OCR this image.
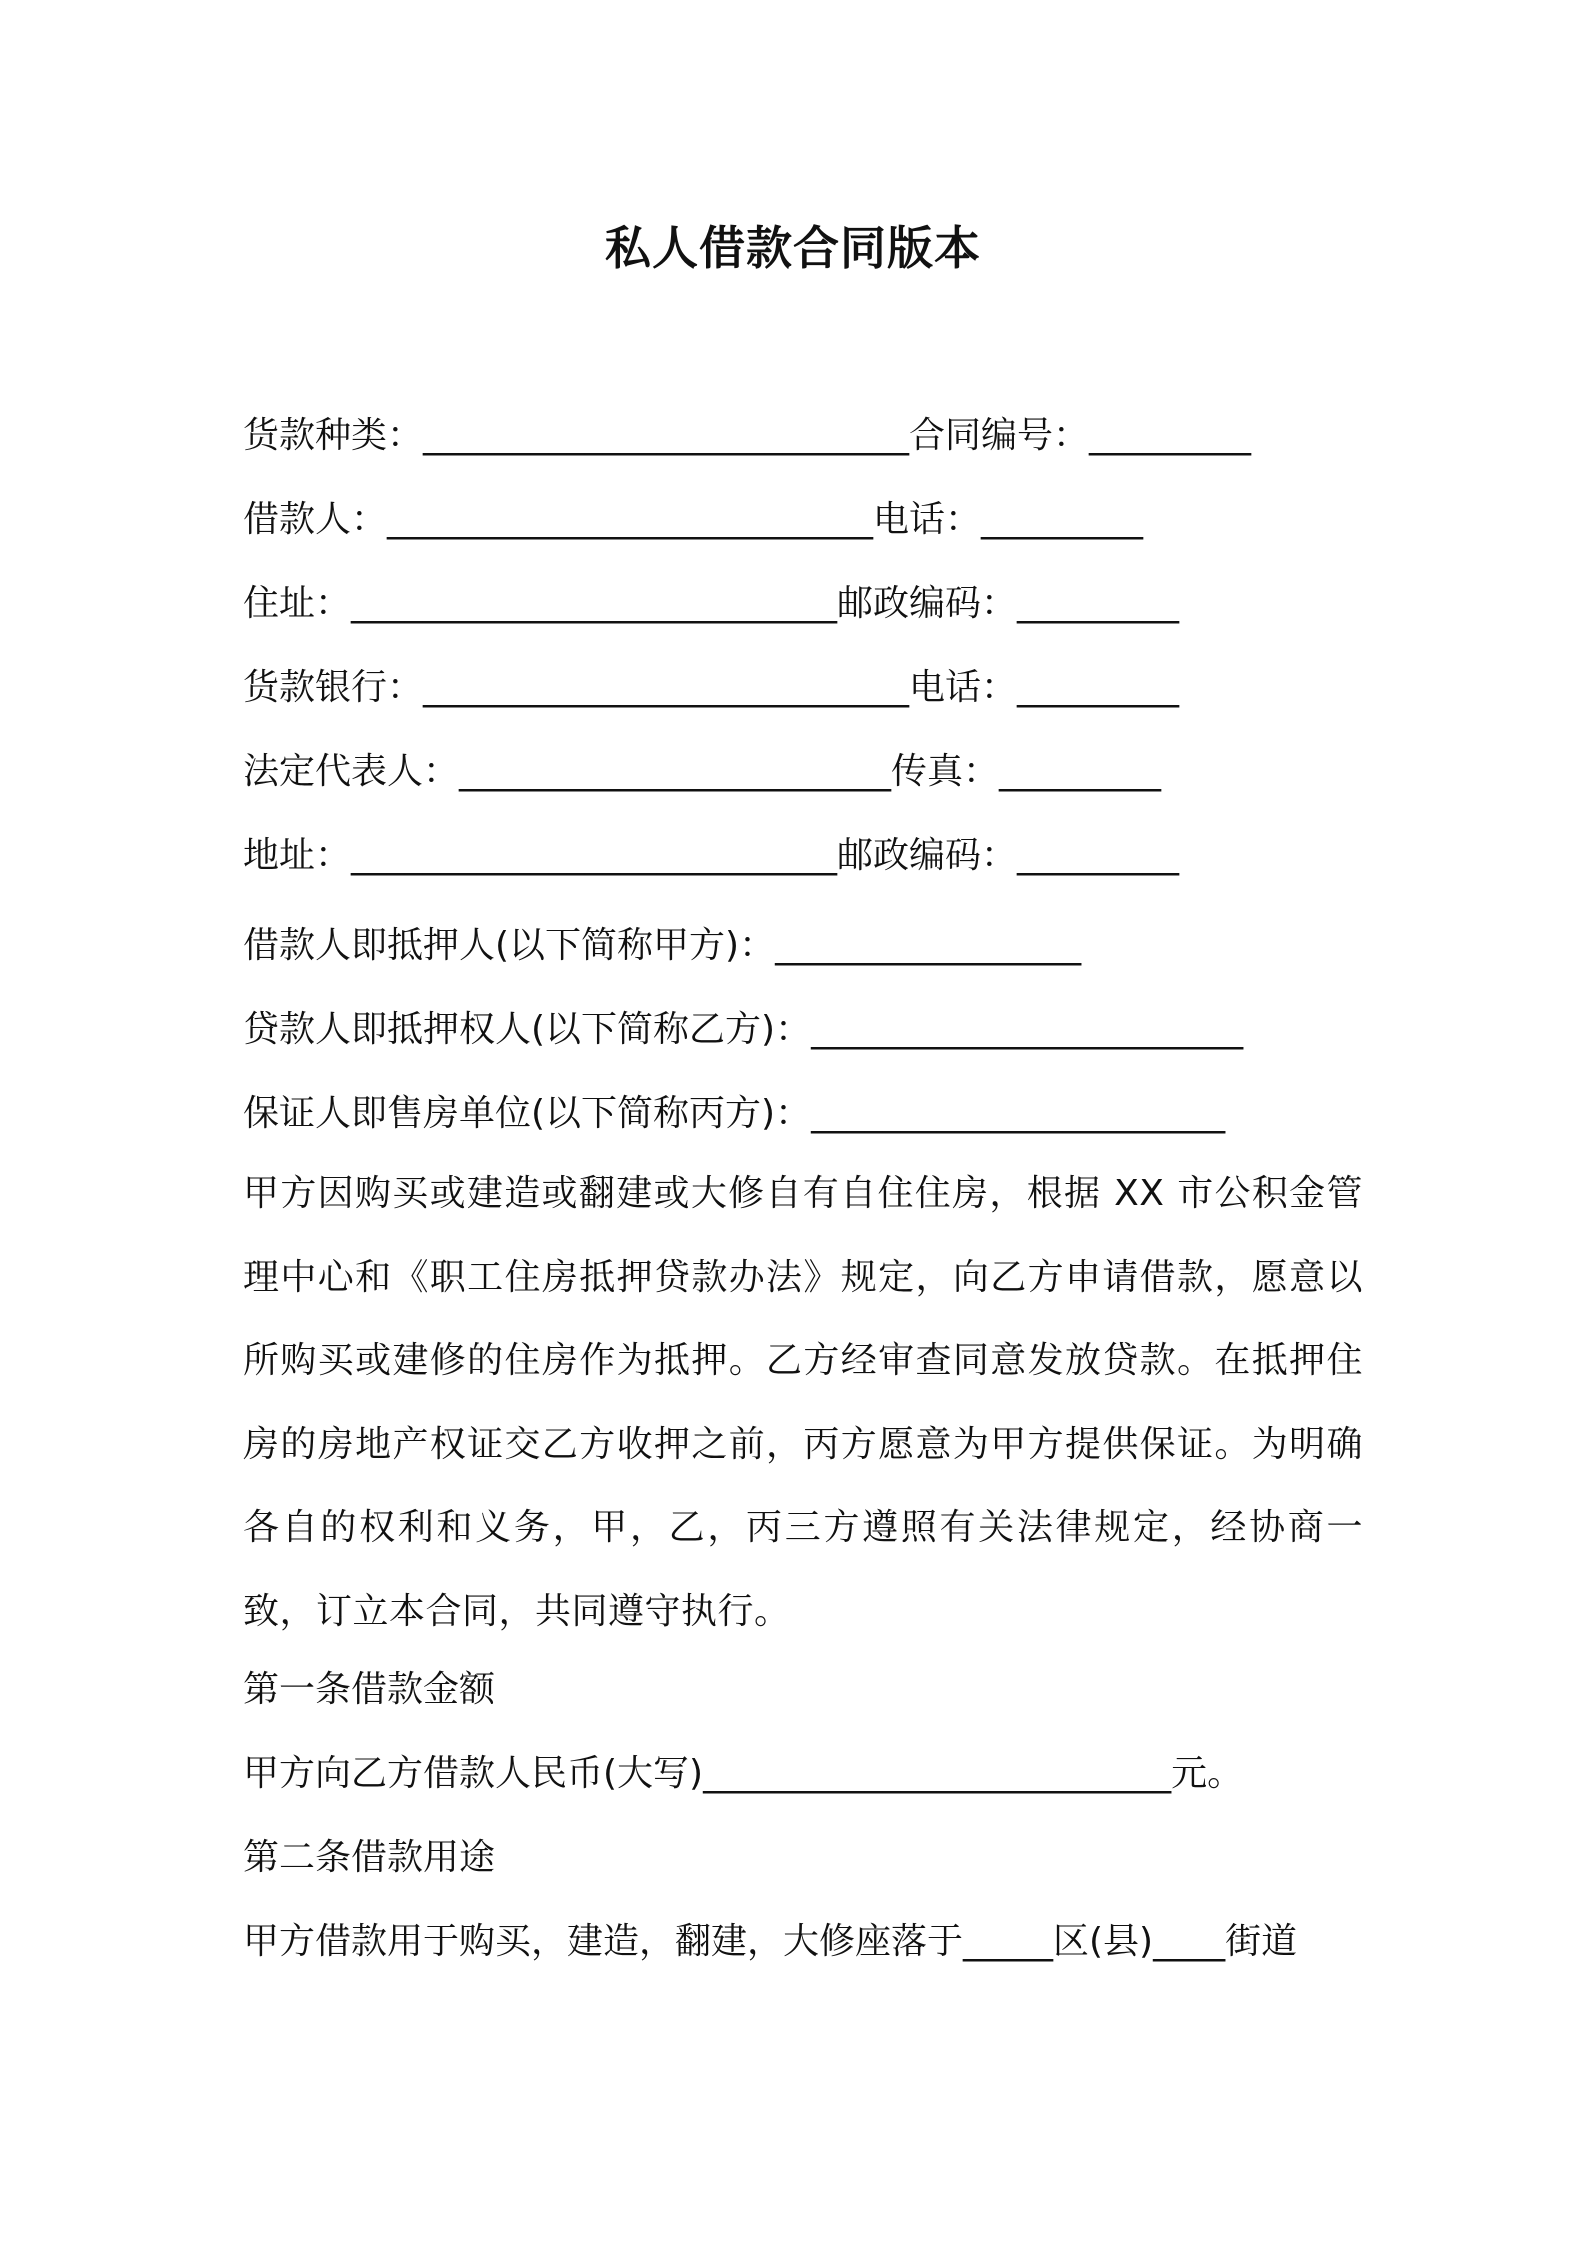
私人借款合同版本
货款种类：___________________________合同编号：_________
借款人：___________________________电话：_________
住址：___________________________邮政编码：_________
货款银行：___________________________电话：_________
法定代表人：________________________传真：_________
地址：___________________________邮政编码：_________
借款人即抵押人(以下简称甲方)：_________________
贷款人即抵押权人(以下简称乙方)：________________________
保证人即售房单位(以下简称丙方)：_______________________

甲方因购买或建造或翻建或大修自有自住住房，根据 XX 市公积金管理中心和《职工住房抵押贷款办法》规定，向乙方申请借款，愿意以所购买或建修的住房作为抵押。乙方经审查同意发放贷款。在抵押住房的房地产权证交乙方收押之前，丙方愿意为甲方提供保证。为明确各自的权利和义务，甲，乙，丙三方遵照有关法律规定，经协商一致，订立本合同，共同遵守执行。

第一条借款金额
甲方向乙方借款人民币(大写)__________________________元。
第二条借款用途
甲方借款用于购买，建造，翻建，大修座落于_____区(县)____街道
